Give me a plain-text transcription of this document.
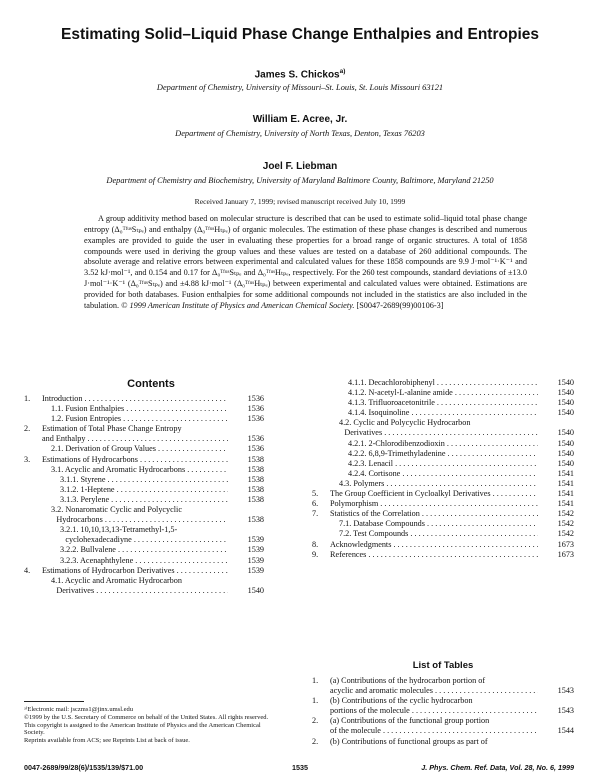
Estimating Solid–Liquid Phase Change Enthalpies and Entropies
James S. Chickos$^{a)}$
Department of Chemistry, University of Missouri–St. Louis, St. Louis Missouri 63121
William E. Acree, Jr.
Department of Chemistry, University of North Texas, Denton, Texas 76203
Joel F. Liebman
Department of Chemistry and Biochemistry, University of Maryland Baltimore County, Baltimore, Maryland 21250
Received January 7, 1999; revised manuscript received July 10, 1999

A group additivity method based on molecular structure is described that can be used to estimate solid–liquid total phase change entropy (Δ₀ᵀᶠᵘˢSₜₚₑ) and enthalpy (Δ₀ᵀᶠᵘˢHₜₚₑ) of organic molecules. The estimation of these phase changes is described and numerous examples are provided to guide the user in evaluating these properties for a broad range of organic structures. A total of 1858 compounds were used in deriving the group values and these values are tested on a database of 260 additional compounds. The absolute average and relative errors between experimental and calculated values for these 1858 compounds are 9.9 J·mol⁻¹·K⁻¹ and 3.52 kJ·mol⁻¹, and 0.154 and 0.17 for Δ₀ᵀᶠᵘˢSₜₚₑ and Δ₀ᵀᶠᵘˢHₜₚₑ, respectively. For the 260 test compounds, standard deviations of ±13.0 J·mol⁻¹·K⁻¹ (Δ₀ᵀᶠᵘˢSₜₚₑ) and ±4.88 kJ·mol⁻¹ (Δ₀ᵀᶠᵘˢHₜₚₑ) between experimental and calculated values were obtained. Estimations are provided for both databases. Fusion enthalpies for some additional compounds not included in the statistics are also included in the tabulation. © 1999 American Institute of Physics and American Chemical Society. [S0047-2689(99)00106-3]

Contents
1.	Introduction . . .	1536
1.1. Fusion Enthalpies . . .	1536
1.2. Fusion Entropies . . .	1536
2.	Estimation of Total Phase Change Entropy
and Enthalpy . . .	1536
2.1. Derivation of Group Values . . .	1536
3.	Estimations of Hydrocarbons . . .	1538
3.1. Acyclic and Aromatic Hydrocarbons . . .	1538
3.1.1. Styrene . . .	1538
3.1.2. 1-Heptene . . .	1538
3.1.3. Perylene . . .	1538
3.2. Nonaromatic Cyclic and Polycyclic
Hydrocarbons . . .	1538
3.2.1. 10,10,13,13-Tetramethyl-1,5-
cyclohexadecadiyne . . .	1539
3.2.2. Bullvalene . . .	1539
3.2.3. Acenaphthylene . . .	1539
4.	Estimations of Hydrocarbon Derivatives . . .	1539
4.1. Acyclic and Aromatic Hydrocarbon
Derivatives . . .	1540
4.1.1. Decachlorobiphenyl . . .	1540
4.1.2. N-acetyl-L-alanine amide . . .	1540
4.1.3. Trifluoroacetonitrile . . .	1540
4.1.4. Isoquinoline . . .	1540
4.2. Cyclic and Polycyclic Hydrocarbon
Derivatives . . .	1540
4.2.1. 2-Chlorodibenzodioxin . . .	1540
4.2.2. 6,8,9-Trimethyladenine . . .	1540
4.2.3. Lenacil . . .	1540
4.2.4. Cortisone . . .	1541
4.3. Polymers . . .	1541
5.	The Group Coefficient in Cycloalkyl Derivatives . . .	1541
6.	Polymorphism . . .	1541
7.	Statistics of the Correlation . . .	1542
7.1. Database Compounds . . .	1542
7.2. Test Compounds . . .	1542
8.	Acknowledgments . . .	1673
9.	References . . .	1673
List of Tables
1.	(a) Contributions of the hydrocarbon portion of
acyclic and aromatic molecules . . .	1543
1.	(b) Contributions of the cyclic hydrocarbon
portions of the molecule . . .	1543
2.	(a) Contributions of the functional group portion
of the molecule . . .	1544
2.	(b) Contributions of functional groups as part of
ᵃ⁾Electronic mail: jsczms1@jinx.umsl.edu
©1999 by the U.S. Secretary of Commerce on behalf of the United States. All rights reserved. This copyright is assigned to the American Institute of Physics and the American Chemical Society.
Reprints available from ACS; see Reprints List at back of issue.
0047-2689/99/28(6)/1535/139/$71.00	1535	J. Phys. Chem. Ref. Data, Vol. 28, No. 6, 1999
